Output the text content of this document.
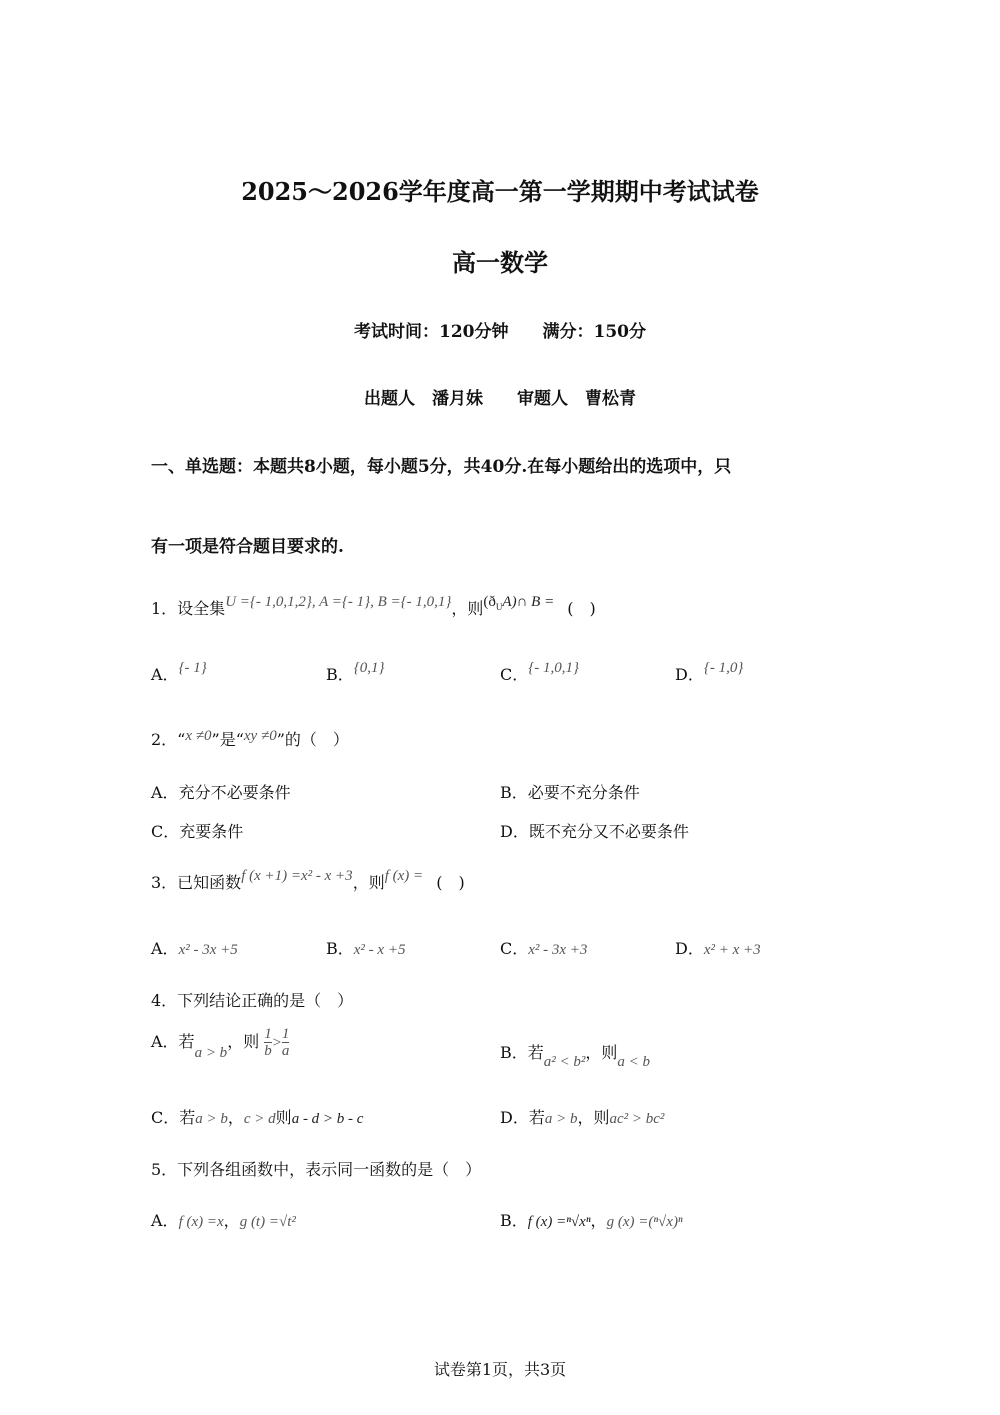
2025～2026学年度高一第一学期期中考试试卷
高一数学
考试时间：120分钟　　满分：150分
出题人　潘月妹　　审题人　曹松青
一、单选题：本题共8小题，每小题5分，共40分.在每小题给出的选项中，只
有一项是符合题目要求的.
1．设全集U ={- 1,0,1,2}, A ={- 1}, B ={- 1,0,1}，则$(ð_UA)\cap$ B = (　)
A．{- 1}	B．{0,1}	C．{- 1,0,1}	D．{- 1,0}
2．“x ≠0”是“xy ≠0”的（　）
A．充分不必要条件	B．必要不充分条件
C．充要条件	D．既不充分又不必要条件
3．已知函数f (x +1) =x² - x +3，则f (x) = (　)
A．x² - 3x +5	B．x² - x +5	C．x² - 3x +3	D．x² + x +3
4．下列结论正确的是（　）
A．若a > b，则 $\frac{1}{b} > \frac{1}{a}$	B．若a² < b²，则a < b
C．若a > b，c > d则a - d > b - c	D．若a > b，则ac² > bc²
5．下列各组函数中，表示同一函数的是（　）
A．f (x) =x，g (t) =√t²	B．f (x) =ⁿ√xⁿ，g (x) =(ⁿ√x)ⁿ
试卷第1页，共3页
